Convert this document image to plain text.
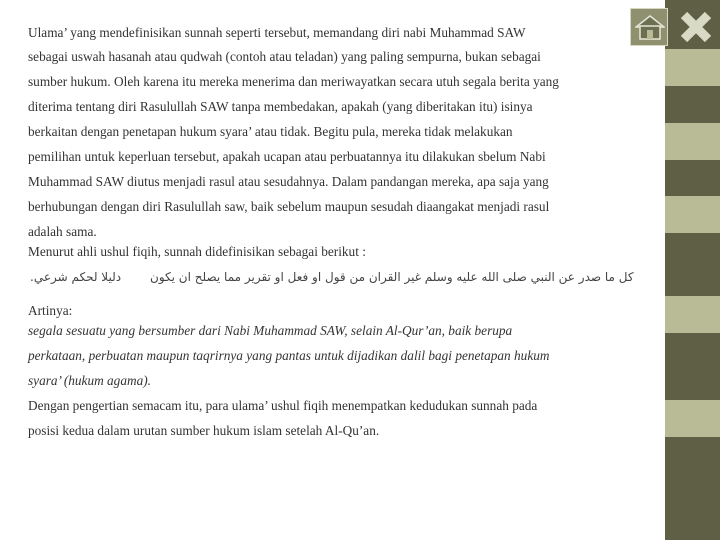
Ulama’ yang mendefinisikan sunnah seperti tersebut, memandang diri nabi Muhammad SAW

sebagai uswah hasanah atau qudwah (contoh atau teladan) yang paling sempurna, bukan sebagai

sumber hukum. Oleh karena itu mereka menerima dan meriwayatkan secara utuh segala berita yang

diterima tentang diri Rasulullah SAW tanpa membedakan, apakah (yang diberitakan itu) isinya

berkaitan dengan penetapan hukum syara’ atau tidak. Begitu pula, mereka tidak melakukan

pemilihan untuk keperluan tersebut, apakah ucapan atau perbuatannya itu dilakukan sbelum Nabi

Muhammad SAW diutus menjadi rasul atau sesudahnya. Dalam pandangan mereka, apa saja yang

berhubungan dengan diri Rasulullah saw, baik sebelum maupun sesudah diaangakat menjadi rasul

adalah sama.

Menurut ahli ushul fiqih, sunnah didefinisikan sebagai berikut :

.دليلا لحكم شرعي كل ما صدر عن النبي صلى الله عليه وسلم غير القران من قول او فعل او تقرير مما يصلح ان يكون

Artinya:

segala sesuatu yang bersumber dari Nabi Muhammad SAW, selain Al-Qur’an, baik berupa

perkataan, perbuatan maupun taqrirnya yang pantas untuk dijadikan dalil bagi penetapan hukum

syara’ (hukum agama).

Dengan pengertian semacam itu, para ulama’ ushul fiqih menempatkan kedudukan sunnah pada

posisi kedua dalam urutan sumber hukum islam setelah Al-Qu’an.
